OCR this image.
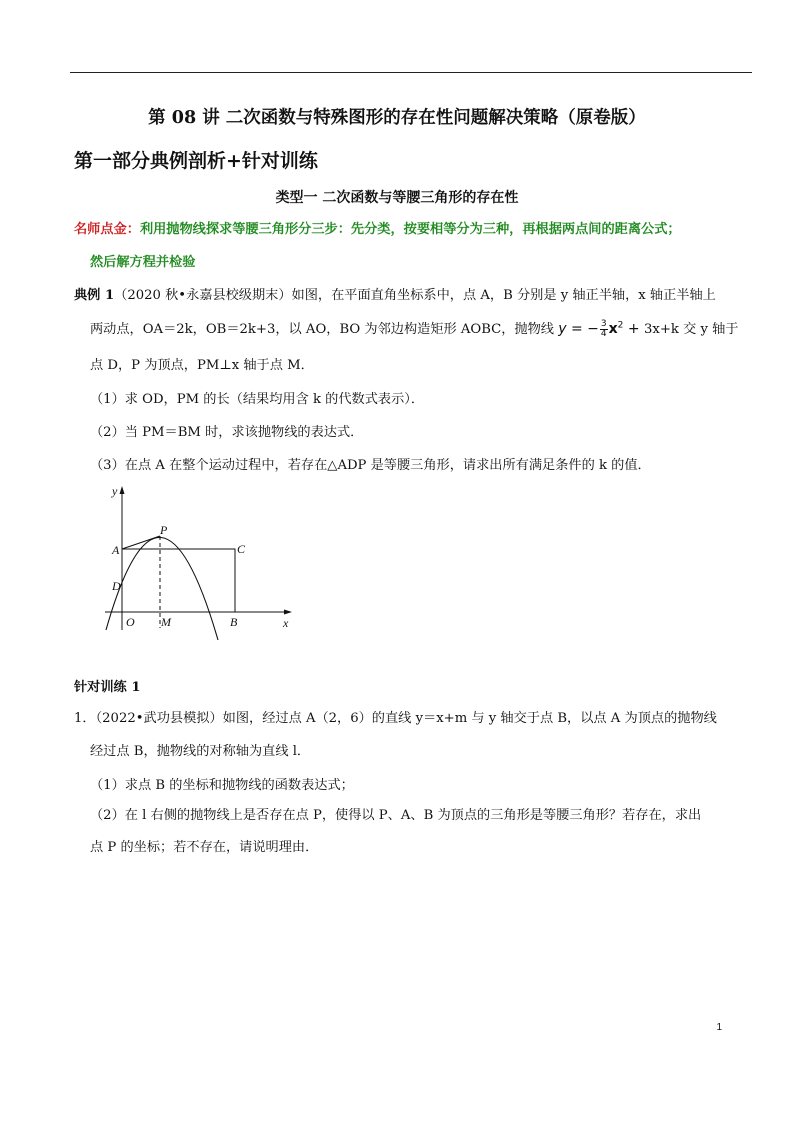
第 08 讲 二次函数与特殊图形的存在性问题解决策略（原卷版）
第一部分典例剖析+针对训练
类型一 二次函数与等腰三角形的存在性
名师点金：利用抛物线探求等腰三角形分三步：先分类，按要相等分为三种，再根据两点间的距离公式；
然后解方程并检验
典例 1（2020 秋•永嘉县校级期末）如图，在平面直角坐标系中，点 A，B 分别是 y 轴正半轴，x 轴正半轴上
两动点，OA＝2k，OB＝2k+3，以 AO，BO 为邻边构造矩形 AOBC，抛物线 y = − $\frac{3}{4} x^2 + 3x+k$ 交 y 轴于
点 D，P 为顶点，PM⊥x 轴于点 M．
（1）求 OD，PM 的长（结果均用含 k 的代数式表示）．
（2）当 PM＝BM 时，求该抛物线的表达式．
（3）在点 A 在整个运动过程中，若存在△ADP 是等腰三角形，请求出所有满足条件的 k 的值．
y
x
A	C
P
D
O M	B
针对训练 1
1．（2022•武功县模拟）如图，经过点 A（2，6）的直线 y＝x+m 与 y 轴交于点 B，以点 A 为顶点的抛物线
经过点 B，抛物线的对称轴为直线 l．
（1）求点 B 的坐标和抛物线的函数表达式；
（2）在 l 右侧的抛物线上是否存在点 P，使得以 P、A、B 为顶点的三角形是等腰三角形？若存在，求出
点 P 的坐标；若不存在，请说明理由．
1
